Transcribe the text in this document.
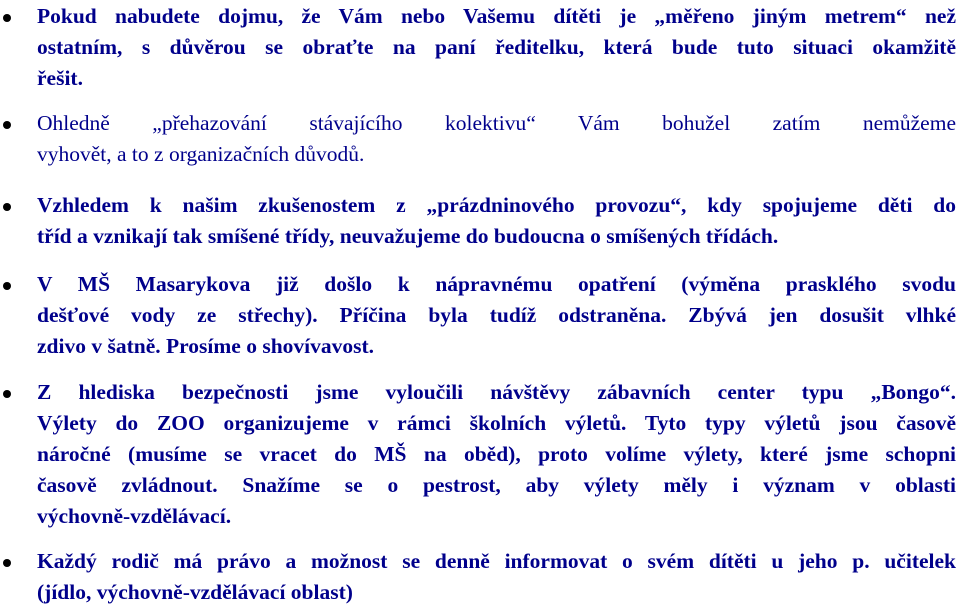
Pokud nabudete dojmu, že Vám nebo Vašemu dítěti je „měřeno jiným metrem“ než
ostatním, s důvěrou se obraťte na paní ředitelku, která bude tuto situaci okamžitě
řešit.
Ohledně „přehazování stávajícího kolektivu“ Vám bohužel zatím nemůžeme
vyhovět, a to z organizačních důvodů.
Vzhledem k našim zkušenostem z „prázdninového provozu“, kdy spojujeme děti do
tříd a vznikají tak smíšené třídy, neuvažujeme do budoucna o smíšených třídách.
V MŠ Masarykova již došlo k nápravnému opatření (výměna prasklého svodu
dešťové vody ze střechy). Příčina byla tudíž odstraněna. Zbývá jen dosušit vlhké
zdivo v šatně. Prosíme o shovívavost.
Z hlediska bezpečnosti jsme vyloučili návštěvy zábavních center typu „Bongo“.
Výlety do ZOO organizujeme v rámci školních výletů. Tyto typy výletů jsou časově
náročné (musíme se vracet do MŠ na oběd), proto volíme výlety, které jsme schopni
časově zvládnout. Snažíme se o pestrost, aby výlety měly i význam v oblasti
výchovně-vzdělávací.
Každý rodič má právo a možnost se denně informovat o svém dítěti u jeho p. učitelek
(jídlo, výchovně-vzdělávací oblast)
